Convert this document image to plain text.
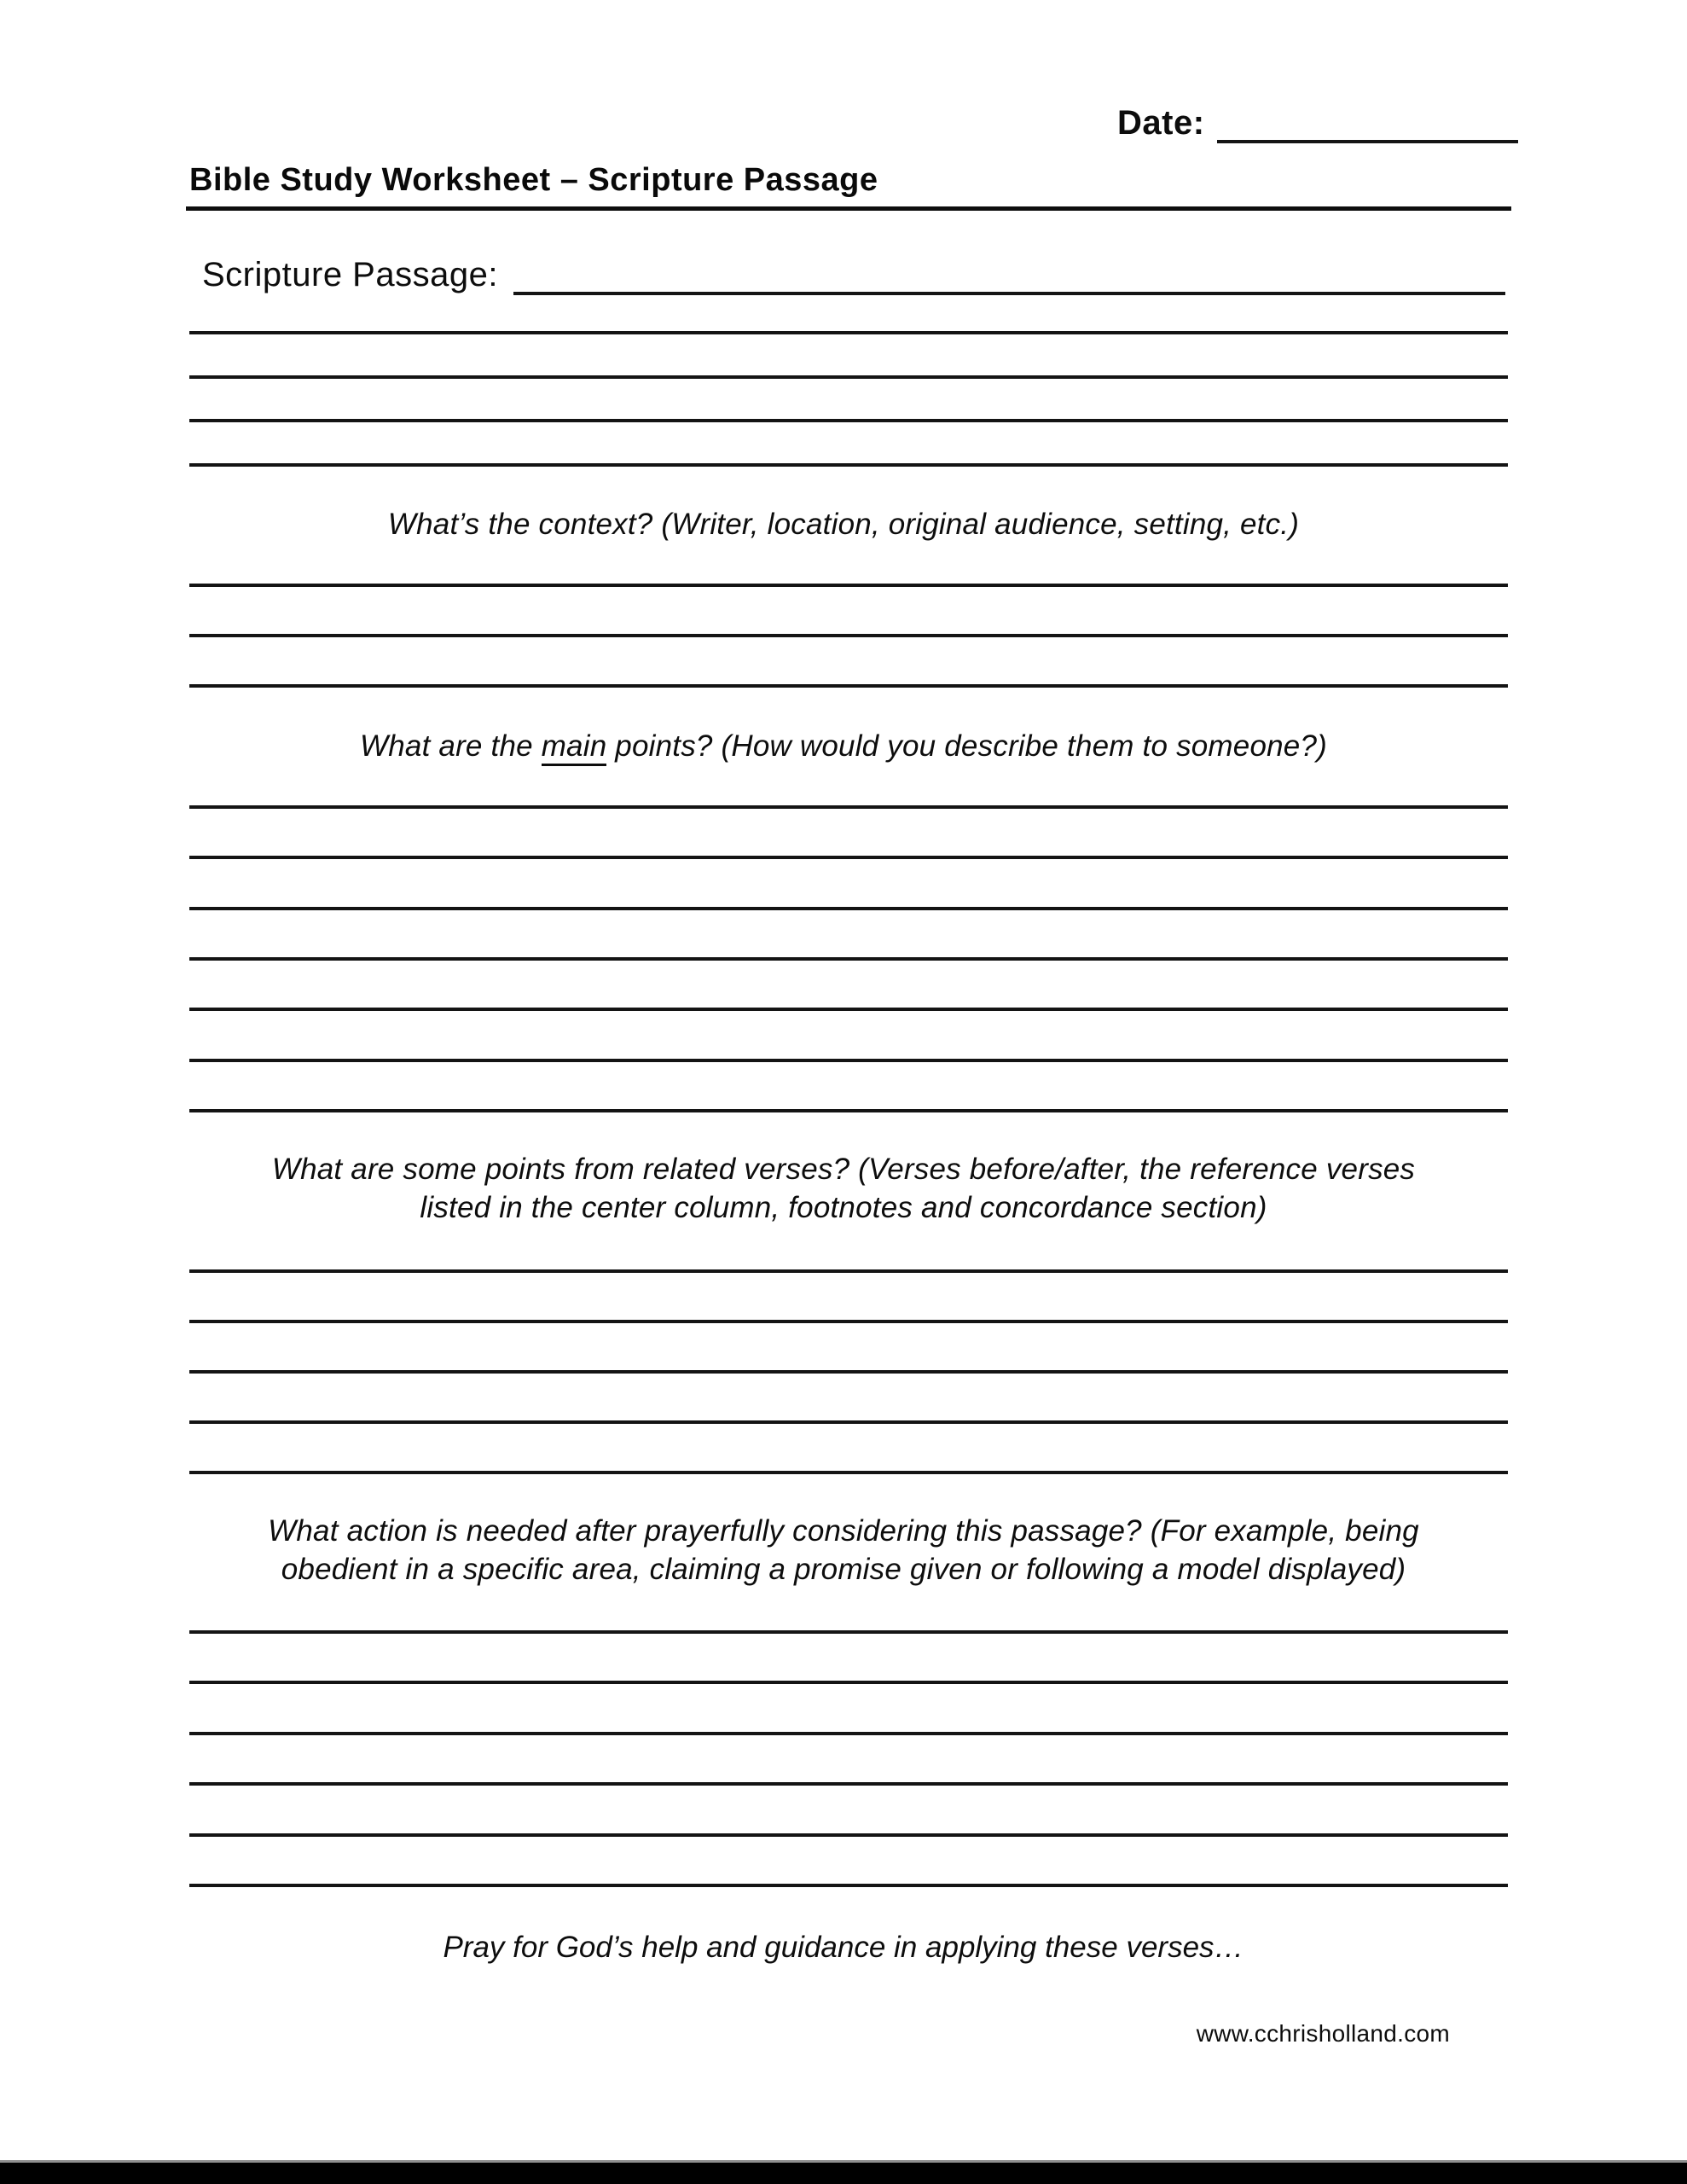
Date:
Bible Study Worksheet – Scripture Passage
Scripture Passage:
What’s the context? (Writer, location, original audience, setting, etc.)
What are the main points? (How would you describe them to someone?)
What are some points from related verses? (Verses before/after, the reference verses
listed in the center column, footnotes and concordance section)
What action is needed after prayerfully considering this passage? (For example, being
obedient in a specific area, claiming a promise given or following a model displayed)
Pray for God’s help and guidance in applying these verses…
www.cchrisholland.com
